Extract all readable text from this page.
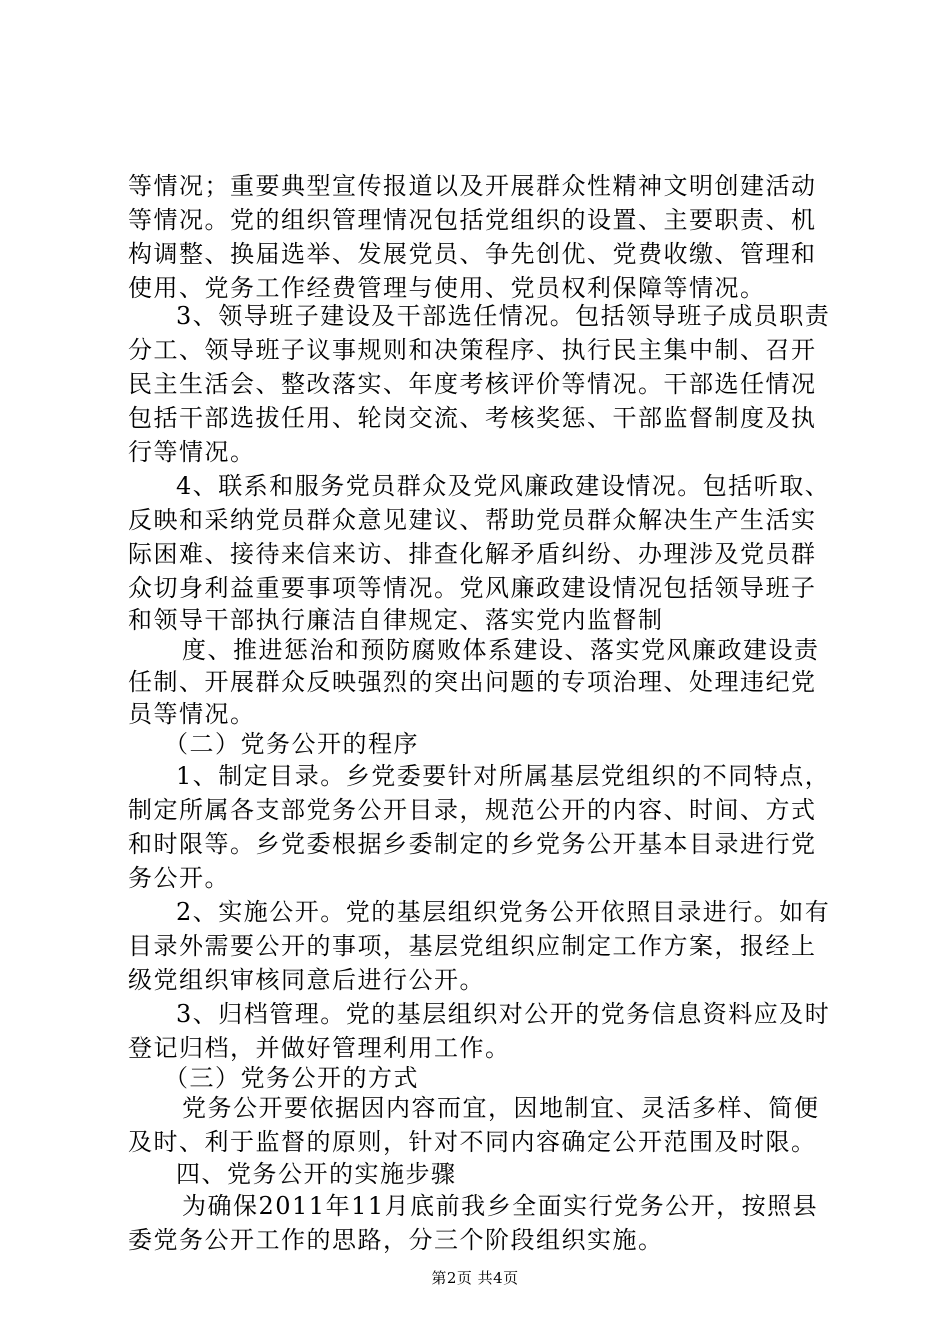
等情况；重要典型宣传报道以及开展群众性精神文明创建活动
等情况。党的组织管理情况包括党组织的设置、主要职责、机
构调整、换届选举、发展党员、争先创优、党费收缴、管理和
使用、党务工作经费管理与使用、党员权利保障等情况。
3、领导班子建设及干部选任情况。包括领导班子成员职责
分工、领导班子议事规则和决策程序、执行民主集中制、召开
民主生活会、整改落实、年度考核评价等情况。干部选任情况
包括干部选拔任用、轮岗交流、考核奖惩、干部监督制度及执
行等情况。
4、联系和服务党员群众及党风廉政建设情况。包括听取、
反映和采纳党员群众意见建议、帮助党员群众解决生产生活实
际困难、接待来信来访、排查化解矛盾纠纷、办理涉及党员群
众切身利益重要事项等情况。党风廉政建设情况包括领导班子
和领导干部执行廉洁自律规定、落实党内监督制
度、推进惩治和预防腐败体系建设、落实党风廉政建设责
任制、开展群众反映强烈的突出问题的专项治理、处理违纪党
员等情况。
（二）党务公开的程序
1、制定目录。乡党委要针对所属基层党组织的不同特点，
制定所属各支部党务公开目录，规范公开的内容、时间、方式
和时限等。乡党委根据乡委制定的乡党务公开基本目录进行党
务公开。
2、实施公开。党的基层组织党务公开依照目录进行。如有
目录外需要公开的事项，基层党组织应制定工作方案，报经上
级党组织审核同意后进行公开。
3、归档管理。党的基层组织对公开的党务信息资料应及时
登记归档，并做好管理利用工作。
（三）党务公开的方式
党务公开要依据因内容而宜，因地制宜、灵活多样、简便
及时、利于监督的原则，针对不同内容确定公开范围及时限。
四、党务公开的实施步骤
为确保2011年11月底前我乡全面实行党务公开，按照县
委党务公开工作的思路，分三个阶段组织实施。
第2页 共4页
